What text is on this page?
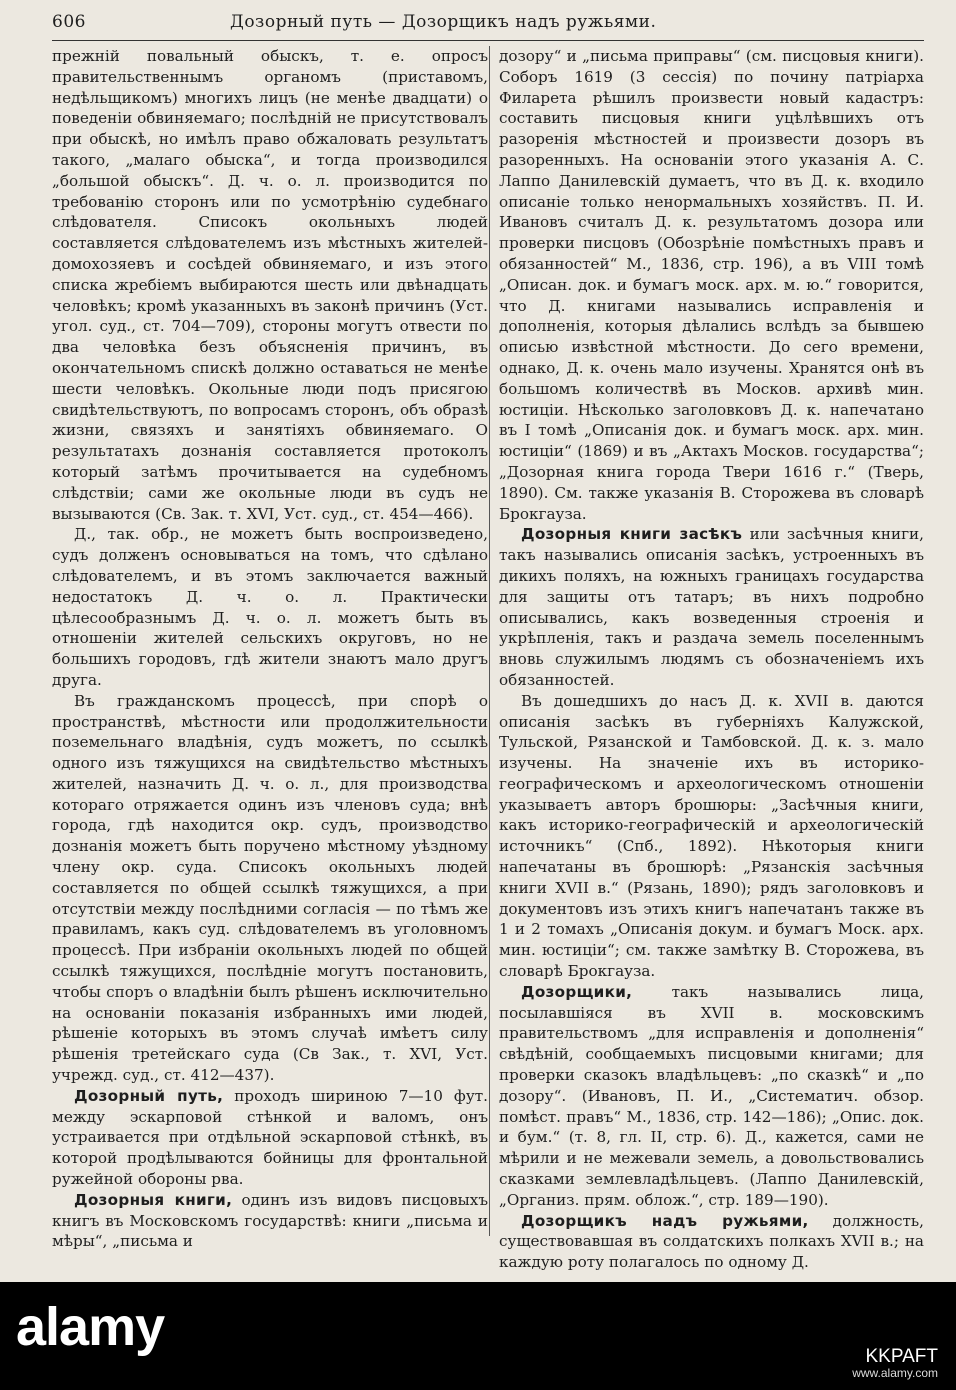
606	Дозорный путь — Дозорщикъ надъ ружьями.

прежній повальный обыскъ, т. е. опросъ правительственнымъ органомъ (приставомъ, недѣльщикомъ) многихъ лицъ (не менѣе двадцати) о поведеніи обвиняемаго; послѣдній не присутствовалъ при обыскѣ, но имѣлъ право обжаловать результатъ такого, „малаго обыска“, и тогда производился „большой обыскъ“. Д. ч. о. л. производится по требованію сторонъ или по усмотрѣнію судебнаго слѣдователя. Списокъ окольныхъ людей составляется слѣдователемъ изъ мѣстныхъ жителей-домохозяевъ и сосѣдей обвиняемаго, и изъ этого списка жребіемъ выбираются шесть или двѣнадцать человѣкъ; кромѣ указанныхъ въ законѣ причинъ (Уст. угол. суд., ст. 704—709), стороны могутъ отвести по два человѣка безъ объясненія причинъ, въ окончательномъ спискѣ должно оставаться не менѣе шести человѣкъ. Окольные люди подъ присягою свидѣтельствуютъ, по вопросамъ сторонъ, объ образѣ жизни, связяхъ и занятіяхъ обвиняемаго. О результатахъ дознанія составляется протоколъ который затѣмъ прочитывается на судебномъ слѣдствіи; сами же окольные люди въ судъ не вызываются (Св. Зак. т. XVI, Уст. суд., ст. 454—466).

Д., так. обр., не можетъ быть воспроизведено, судъ долженъ основываться на томъ, что сдѣлано слѣдователемъ, и въ этомъ заключается важный недостатокъ Д. ч. о. л. Практически цѣлесообразнымъ Д. ч. о. л. можетъ быть въ отношеніи жителей сельскихъ округовъ, но не большихъ городовъ, гдѣ жители знаютъ мало другъ друга.

Въ гражданскомъ процессѣ, при спорѣ о пространствѣ, мѣстности или продолжительности поземельнаго владѣнія, судъ можетъ, по ссылкѣ одного изъ тяжущихся на свидѣтельство мѣстныхъ жителей, назначить Д. ч. о. л., для производства котораго отряжается одинъ изъ членовъ суда; внѣ города, гдѣ находится окр. судъ, производство дознанія можетъ быть поручено мѣстному уѣздному члену окр. суда. Списокъ окольныхъ людей составляется по общей ссылкѣ тяжущихся, а при отсутствіи между послѣдними согласія — по тѣмъ же правиламъ, какъ суд. слѣдователемъ въ уголовномъ процессѣ. При избраніи окольныхъ людей по общей ссылкѣ тяжущихся, послѣдніе могутъ постановить, чтобы споръ о владѣніи былъ рѣшенъ исключительно на основаніи показанія избранныхъ ими людей, рѣшеніе которыхъ въ этомъ случаѣ имѣетъ силу рѣшенія третейскаго суда (Св Зак., т. XVI, Уст. учрежд. суд., ст. 412—437).

Дозорный путь, проходъ шириною 7—10 фут. между эскарповой стѣнкой и валомъ, онъ устраивается при отдѣльной эскарповой стѣнкѣ, въ которой продѣлываются бойницы для фронтальной ружейной обороны рва.

Дозорныя книги, одинъ изъ видовъ писцовыхъ книгъ въ Московскомъ государствѣ: книги „письма и мѣры“, „письма и

дозору“ и „письма приправы“ (см. писцовыя книги). Соборъ 1619 (3 сессія) по почину патріарха Филарета рѣшилъ произвести новый кадастръ: составить писцовыя книги уцѣлѣвшихъ отъ разоренія мѣстностей и произвести дозоръ въ разоренныхъ. На основаніи этого указанія А. С. Лаппо Данилевскій думаетъ, что въ Д. к. входило описаніе только ненормальныхъ хозяйствъ. П. И. Ивановъ считалъ Д. к. результатомъ дозора или проверки писцовъ (Обозрѣніе помѣстныхъ правъ и обязанностей“ М., 1836, стр. 196), а въ VIII томѣ „Описан. док. и бумагъ моск. арх. м. ю.“ говорится, что Д. книгами назывались исправленія и дополненія, которыя дѣлались вслѣдъ за бывшею описью извѣстной мѣстности. До сего времени, однако, Д. к. очень мало изучены. Хранятся онѣ въ большомъ количествѣ въ Москов. архивѣ мин. юстиціи. Нѣсколько заголовковъ Д. к. напечатано въ I томѣ „Описанія док. и бумагъ моск. арх. мин. юстиціи“ (1869) и въ „Актахъ Москов. государства“; „Дозорная книга города Твери 1616 г.“ (Тверь, 1890). См. также указанія В. Сторожева въ словарѣ Брокгауза.

Дозорныя книги засѣкъ или засѣчныя книги, такъ назывались описанія засѣкъ, устроенныхъ въ дикихъ поляхъ, на южныхъ границахъ государства для защиты отъ татаръ; въ нихъ подробно описывались, какъ возведенныя строенія и укрѣпленія, такъ и раздача земель поселеннымъ вновь служилымъ людямъ съ обозначеніемъ ихъ обязанностей.

Въ дошедшихъ до насъ Д. к. XVII в. даются описанія засѣкъ въ губерніяхъ Калужской, Тульской, Рязанской и Тамбовской. Д. к. з. мало изучены. На значеніе ихъ въ историко-географическомъ и археологическомъ отношеніи указываетъ авторъ брошюры: „Засѣчныя книги, какъ историко-географическій и археологическій источникъ“ (Спб., 1892). Нѣкоторыя книги напечатаны въ брошюрѣ: „Рязанскія засѣчныя книги XVII в.“ (Рязань, 1890); рядъ заголовковъ и документовъ изъ этихъ книгъ напечатанъ также въ 1 и 2 томахъ „Описанія докум. и бумагъ Моск. арх. мин. юстиціи“; см. также замѣтку В. Сторожева, въ словарѣ Брокгауза.

Дозорщики, такъ назывались лица, посылавшіяся въ XVII в. московскимъ правительствомъ „для исправленія и дополненія“ свѣдѣній, сообщаемыхъ писцовыми книгами; для проверки сказокъ владѣльцевъ: „по сказкѣ“ и „по дозору“. (Ивановъ, П. И., „Систематич. обзор. помѣст. правъ“ М., 1836, стр. 142—186); „Опис. док. и бум.“ (т. 8, гл. II, стр. 6). Д., кажется, сами не мѣрили и не межевали земель, а довольствовались сказками землевладѣльцевъ. (Лаппо Данилевскій, „Организ. прям. облож.“, стр. 189—190).

Дозорщикъ надъ ружьями, должность, существовавшая въ солдатскихъ полкахъ XVII в.; на каждую роту полагалось по одному Д.

alamy	KKPAFT
www.alamy.com
